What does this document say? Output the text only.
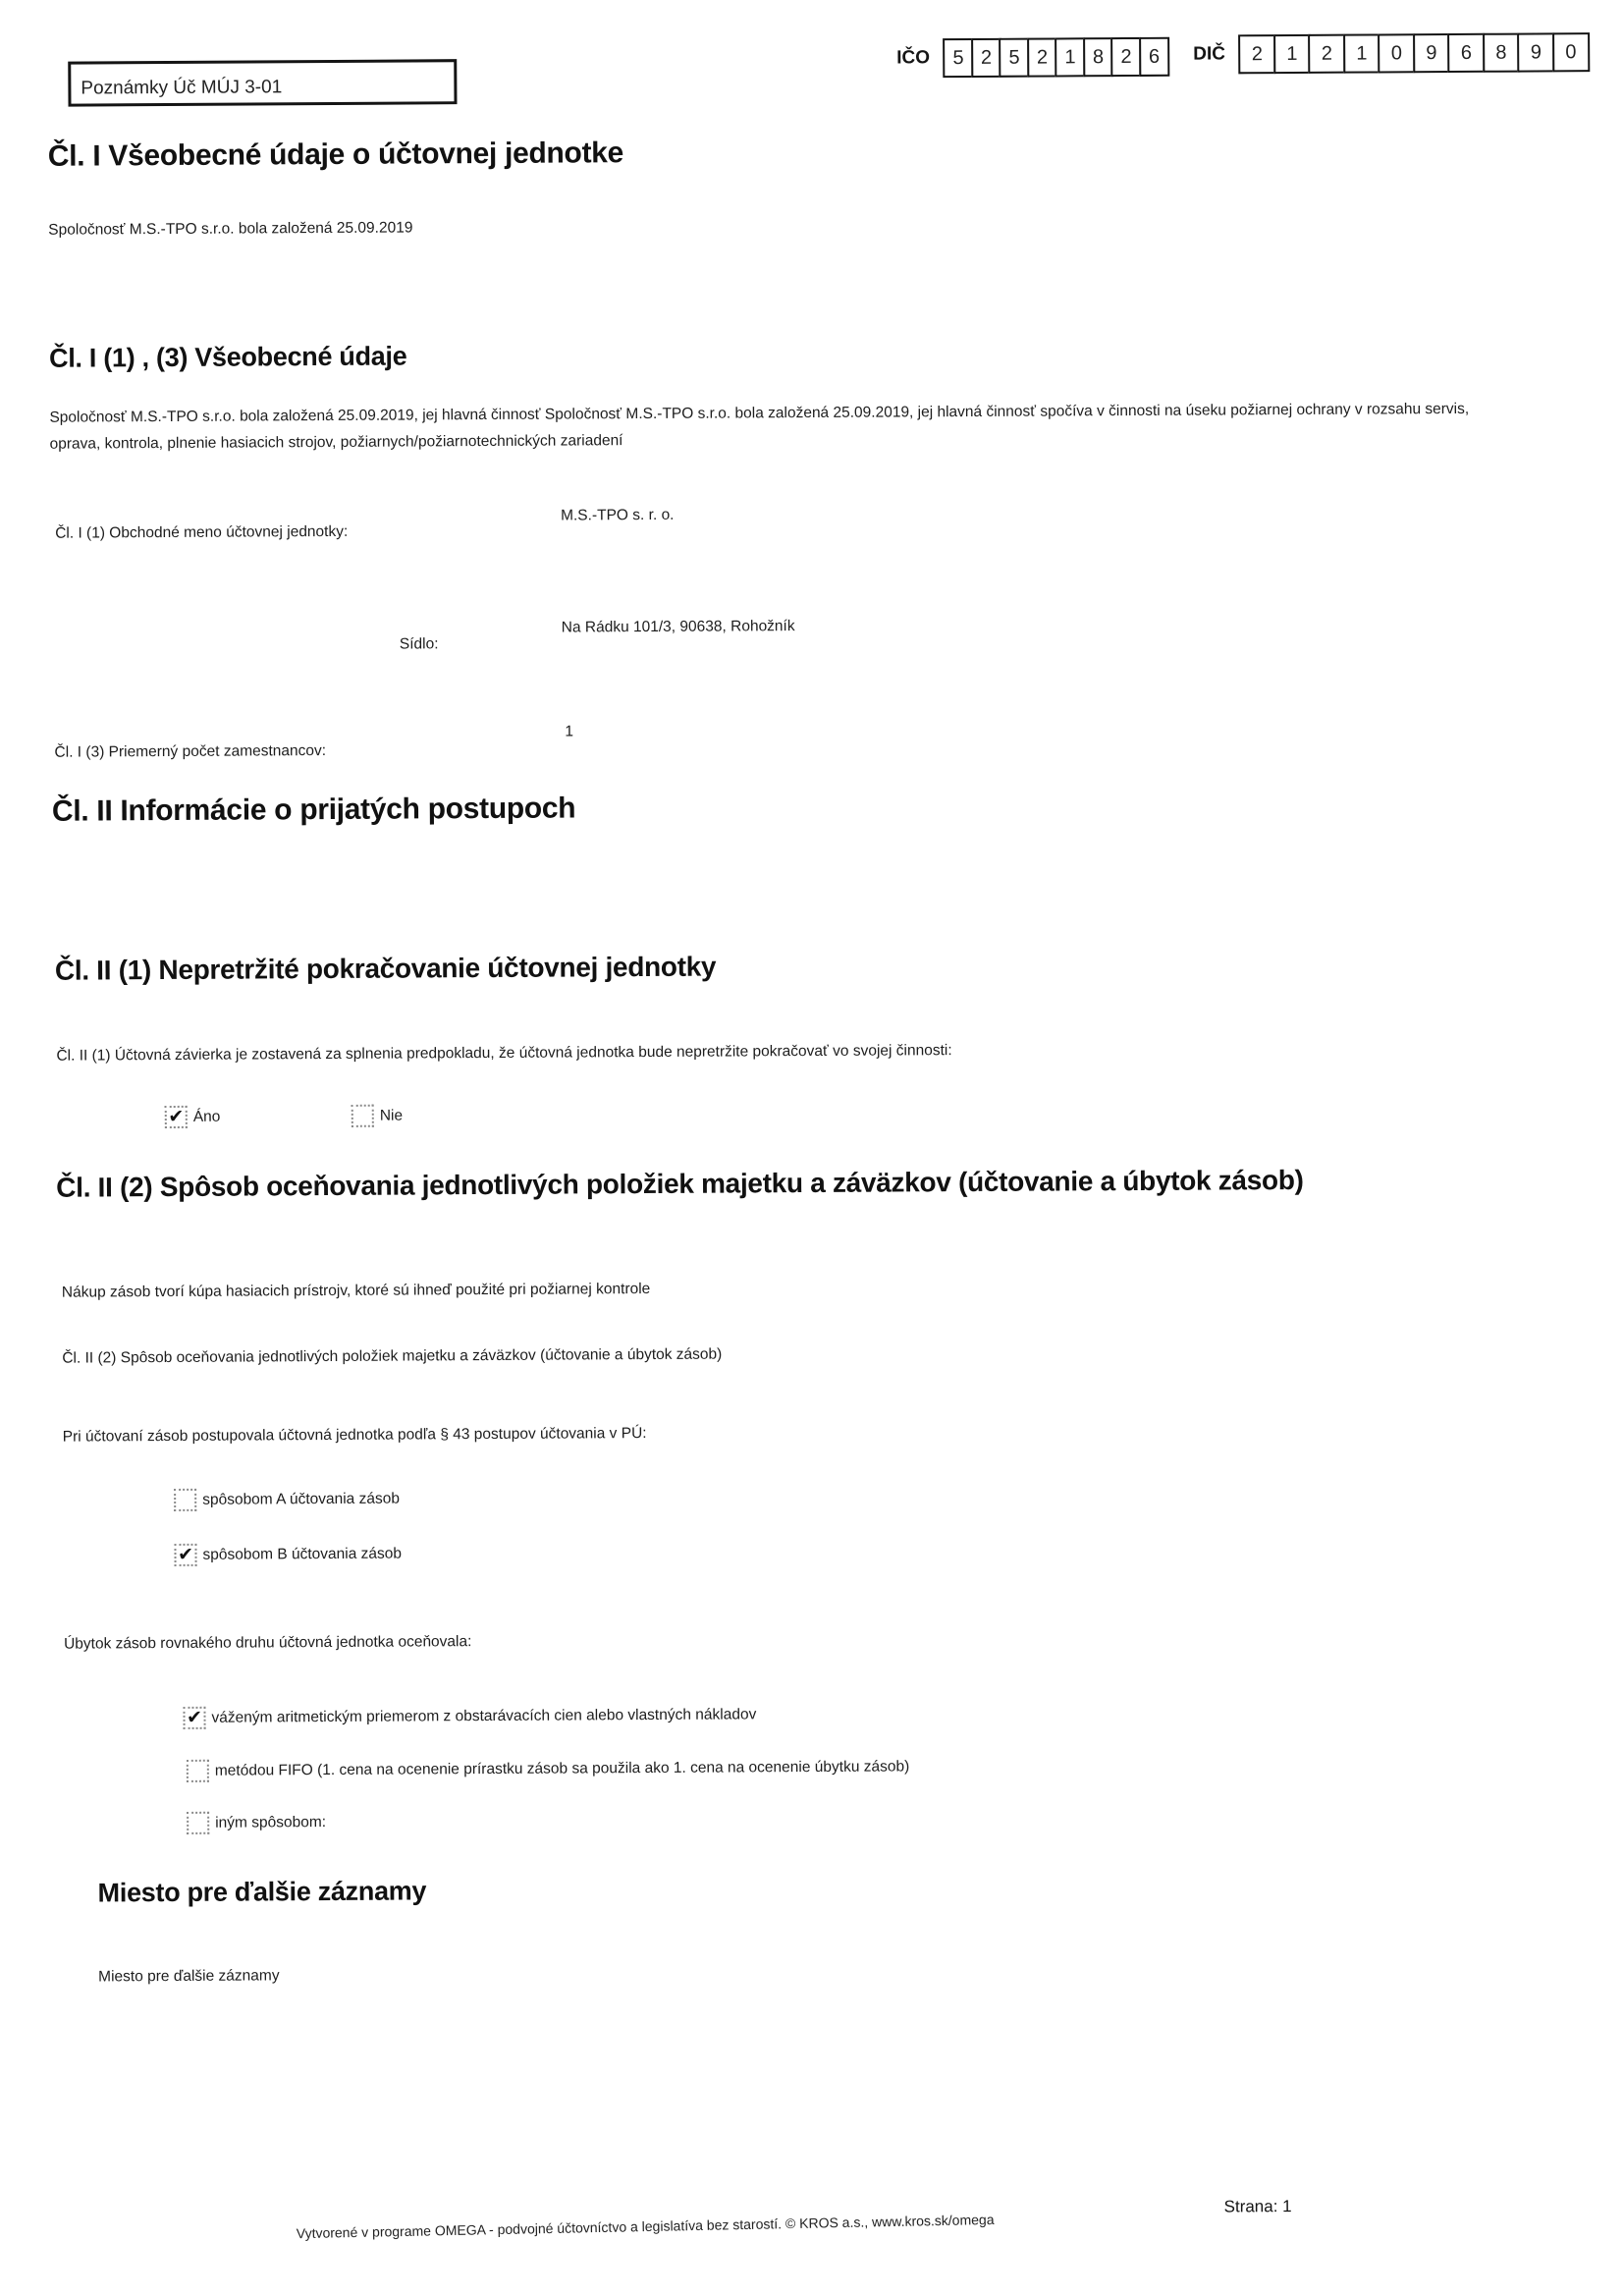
Poznámky Úč MÚJ 3-01
IČO	5 2 5 2 1 8 2 6	DIČ	2	1	2	1	0	9	6	8	9	0
Čl. I Všeobecné údaje o účtovnej jednotke
Spoločnosť M.S.-TPO s.r.o. bola založená 25.09.2019
Čl. I (1) , (3) Všeobecné údaje
Spoločnosť M.S.-TPO s.r.o. bola založená 25.09.2019, jej hlavná činnosť Spoločnosť M.S.-TPO s.r.o. bola založená 25.09.2019, jej hlavná činnosť spočíva v činnosti na úseku požiarnej ochrany v rozsahu servis, oprava, kontrola, plnenie hasiacich strojov, požiarnych/požiarnotechnických zariadení
Čl. I (1) Obchodné meno účtovnej jednotky:
M.S.-TPO s. r. o.
Sídlo:
Na Rádku 101/3, 90638, Rohožník
Čl. I (3) Priemerný počet zamestnancov:
1
Čl. II Informácie o prijatých postupoch
Čl. II (1) Nepretržité pokračovanie účtovnej jednotky
Čl. II (1) Účtovná závierka je zostavená za splnenia predpokladu, že účtovná jednotka bude nepretržite pokračovať vo svojej činnosti:
✔ Áno	Nie
Čl. II (2) Spôsob oceňovania jednotlivých položiek majetku a záväzkov (účtovanie a úbytok zásob)
Nákup zásob tvorí kúpa hasiacich prístrojv, ktoré sú ihneď použité pri požiarnej kontrole
Čl. II (2) Spôsob oceňovania jednotlivých položiek majetku a záväzkov (účtovanie a úbytok zásob)
Pri účtovaní zásob postupovala účtovná jednotka podľa § 43 postupov účtovania v PÚ:
spôsobom A účtovania zásob
✔ spôsobom B účtovania zásob
Úbytok zásob rovnakého druhu účtovná jednotka oceňovala:
✔ váženým aritmetickým priemerom z obstarávacích cien alebo vlastných nákladov
metódou FIFO (1. cena na ocenenie prírastku zásob sa použila ako 1. cena na ocenenie úbytku zásob)
iným spôsobom:
Miesto pre ďalšie záznamy
Miesto pre ďalšie záznamy
Vytvorené v programe OMEGA - podvojné účtovníctvo a legislatíva bez starostí. © KROS a.s., www.kros.sk/omega
Strana: 1
